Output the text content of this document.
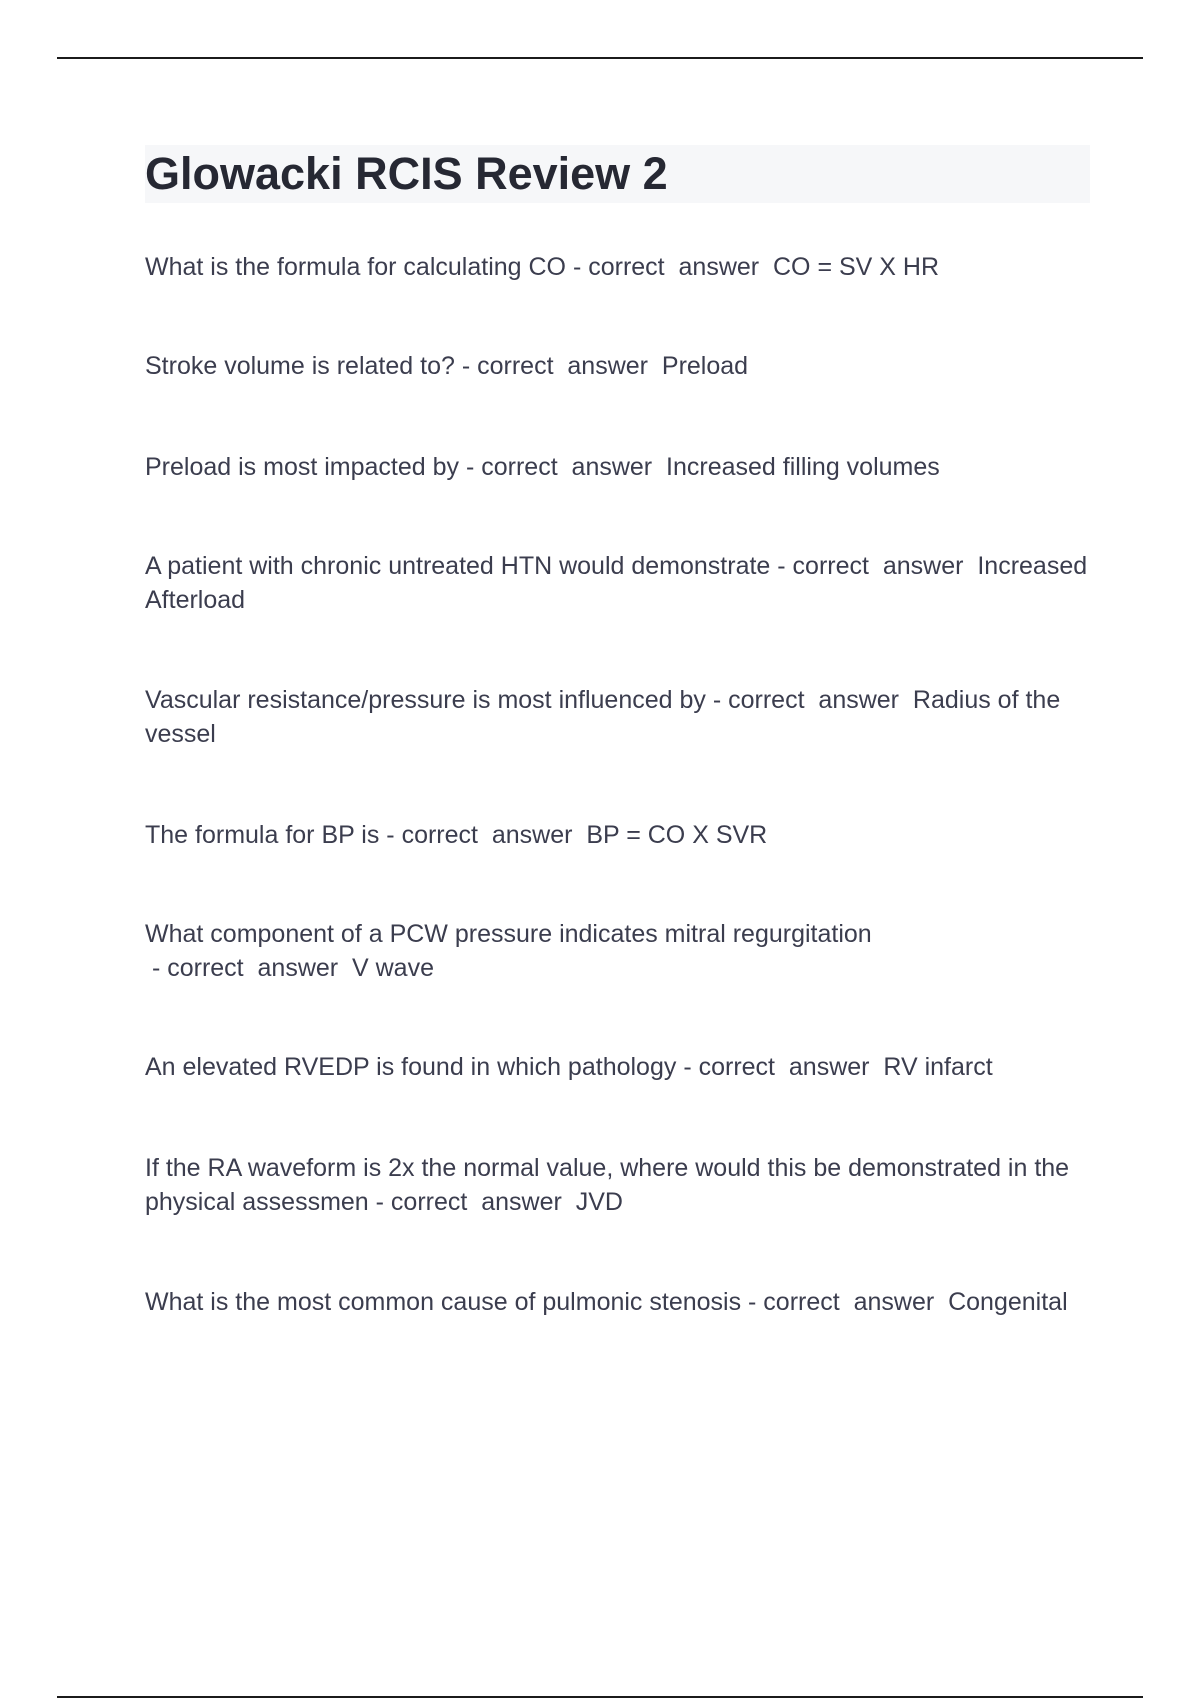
Glowacki RCIS Review 2
What is the formula for calculating CO - correct  answer  CO = SV X HR
Stroke volume is related to? - correct  answer  Preload
Preload is most impacted by - correct  answer  Increased filling volumes
A patient with chronic untreated HTN would demonstrate - correct  answer  Increased Afterload
Vascular resistance/pressure is most influenced by - correct  answer  Radius of the vessel
The formula for BP is - correct  answer  BP = CO X SVR
What component of a PCW pressure indicates mitral regurgitation - correct  answer  V wave
An elevated RVEDP is found in which pathology - correct  answer  RV infarct
If the RA waveform is 2x the normal value, where would this be demonstrated in the physical assessmen - correct  answer  JVD
What is the most common cause of pulmonic stenosis - correct  answer  Congenital
